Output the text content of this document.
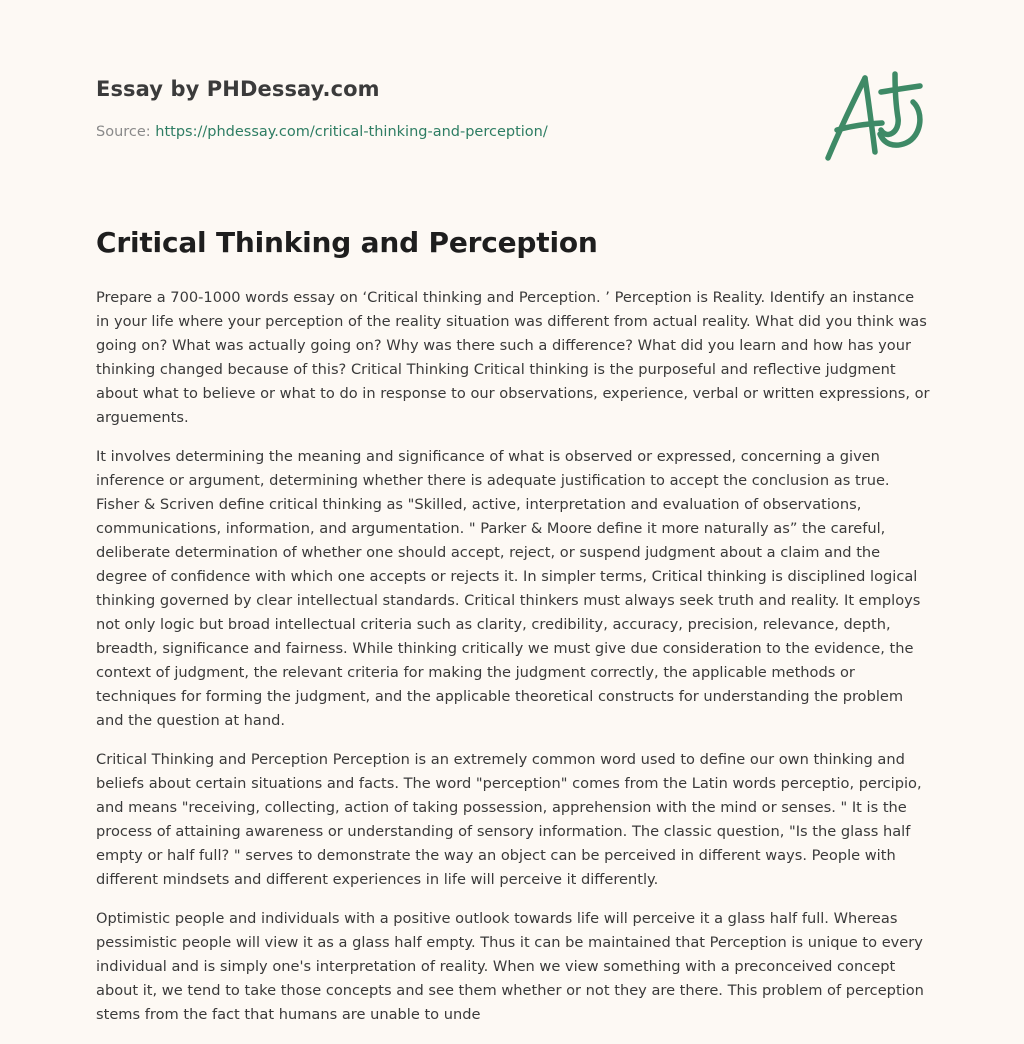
Essay by PHDessay.com

Source: https://phdessay.com/critical-thinking-and-perception/

Critical Thinking and Perception

Prepare a 700-1000 words essay on ‘Critical thinking and Perception. ’ Perception is Reality. Identify an instance in your life where your perception of the reality situation was different from actual reality. What did you think was going on? What was actually going on? Why was there such a difference? What did you learn and how has your thinking changed because of this? Critical Thinking Critical thinking is the purposeful and reflective judgment about what to believe or what to do in response to our observations, experience, verbal or written expressions, or arguements.

It involves determining the meaning and significance of what is observed or expressed, concerning a given inference or argument, determining whether there is adequate justification to accept the conclusion as true. Fisher & Scriven define critical thinking as "Skilled, active, interpretation and evaluation of observations, communications, information, and argumentation. " Parker & Moore define it more naturally as” the careful, deliberate determination of whether one should accept, reject, or suspend judgment about a claim and the degree of confidence with which one accepts or rejects it. In simpler terms, Critical thinking is disciplined logical thinking governed by clear intellectual standards. Critical thinkers must always seek truth and reality. It employs not only logic but broad intellectual criteria such as clarity, credibility, accuracy, precision, relevance, depth, breadth, significance and fairness. While thinking critically we must give due consideration to the evidence, the context of judgment, the relevant criteria for making the judgment correctly, the applicable methods or techniques for forming the judgment, and the applicable theoretical constructs for understanding the problem and the question at hand.

Critical Thinking and Perception Perception is an extremely common word used to define our own thinking and beliefs about certain situations and facts. The word "perception" comes from the Latin words perceptio, percipio, and means "receiving, collecting, action of taking possession, apprehension with the mind or senses. " It is the process of attaining awareness or understanding of sensory information. The classic question, "Is the glass half empty or half full? " serves to demonstrate the way an object can be perceived in different ways. People with different mindsets and different experiences in life will perceive it differently.

Optimistic people and individuals with a positive outlook towards life will perceive it a glass half full. Whereas pessimistic people will view it as a glass half empty. Thus it can be maintained that Perception is unique to every individual and is simply one's interpretation of reality. When we view something with a preconceived concept about it, we tend to take those concepts and see them whether or not they are there. This problem of perception stems from the fact that humans are unable to unde
